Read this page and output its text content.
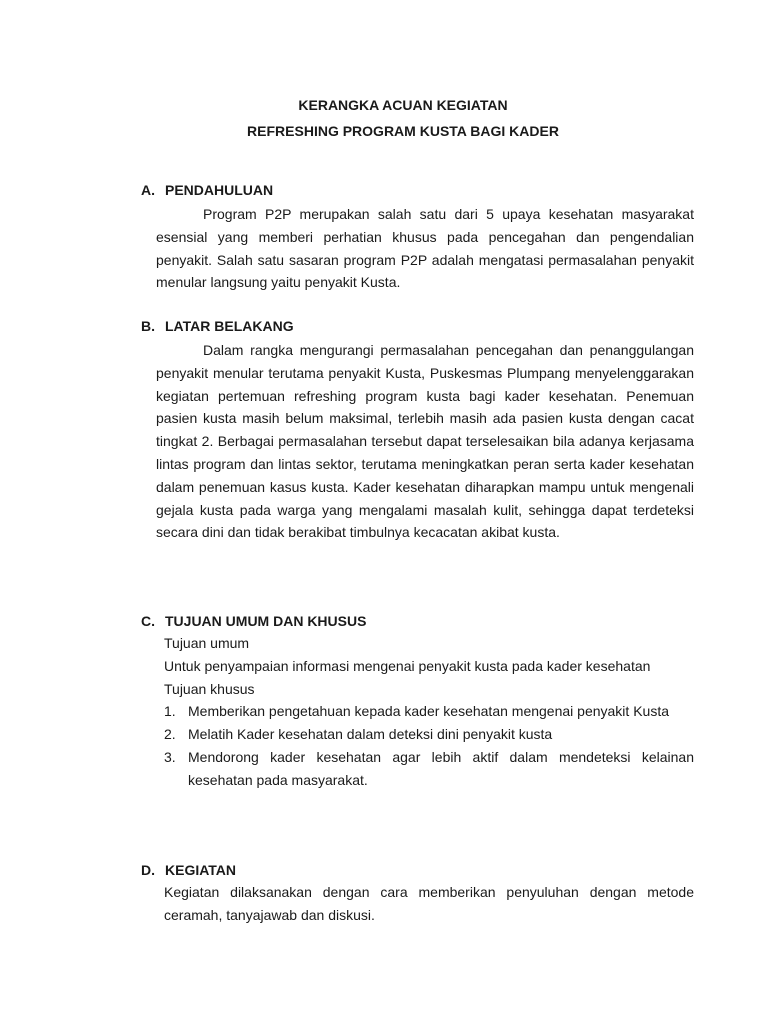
KERANGKA ACUAN KEGIATAN
REFRESHING PROGRAM KUSTA BAGI KADER
A. PENDAHULUAN
Program P2P merupakan salah satu dari 5 upaya kesehatan masyarakat esensial yang memberi perhatian khusus pada pencegahan dan pengendalian penyakit. Salah satu sasaran program P2P adalah mengatasi permasalahan penyakit menular langsung yaitu penyakit Kusta.
B. LATAR BELAKANG
Dalam rangka mengurangi permasalahan pencegahan dan penanggulangan penyakit menular terutama penyakit Kusta, Puskesmas Plumpang menyelenggarakan kegiatan pertemuan refreshing program kusta bagi kader kesehatan. Penemuan pasien kusta masih belum maksimal, terlebih masih ada pasien kusta dengan cacat tingkat 2. Berbagai permasalahan tersebut dapat terselesaikan bila adanya kerjasama lintas program dan lintas sektor, terutama meningkatkan peran serta kader kesehatan dalam penemuan kasus kusta. Kader kesehatan diharapkan mampu untuk mengenali gejala kusta pada warga yang mengalami masalah kulit, sehingga dapat terdeteksi secara dini dan tidak berakibat timbulnya kecacatan akibat kusta.
C. TUJUAN UMUM DAN KHUSUS
Tujuan umum
Untuk penyampaian informasi mengenai penyakit kusta pada kader kesehatan
Tujuan khusus
1. Memberikan pengetahuan kepada kader kesehatan mengenai penyakit Kusta
2. Melatih Kader kesehatan dalam deteksi dini penyakit kusta
3. Mendorong kader kesehatan agar lebih aktif dalam mendeteksi kelainan kesehatan pada masyarakat.
D. KEGIATAN
Kegiatan dilaksanakan dengan cara memberikan penyuluhan dengan metode ceramah, tanyajawab dan diskusi.
